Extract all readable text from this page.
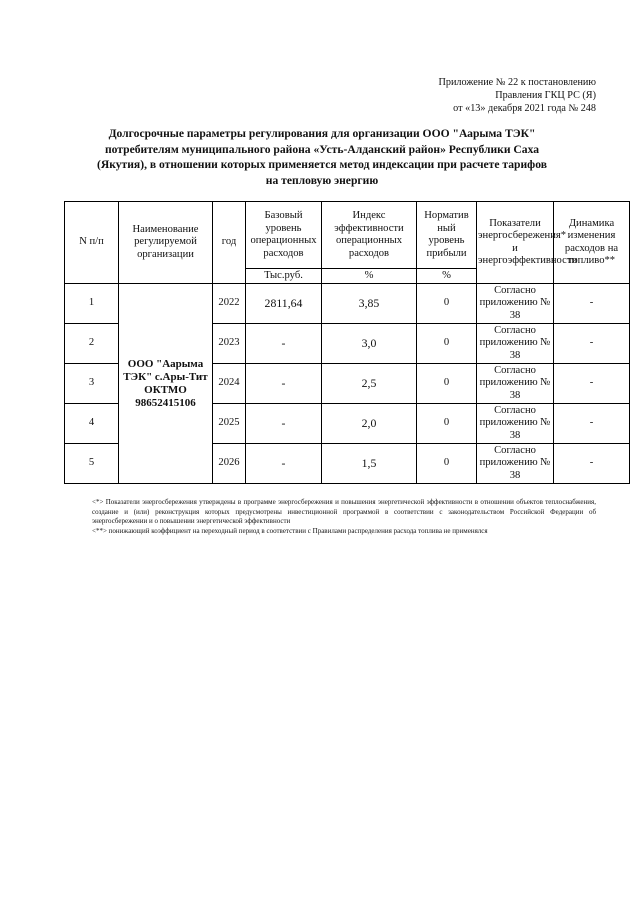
Приложение № 22 к постановлению
Правления ГКЦ РС (Я)
от «13» декабря 2021 года № 248
Долгосрочные параметры регулирования для организации ООО "Аарыма ТЭК" потребителям муниципального района «Усть-Алданский район» Республики Саха (Якутия), в отношении которых применяется метод индексации при расчете тарифов на тепловую энергию
N п/п	Наименование регулируемой организации	год	Базовый уровень операционных расходов	Индекс эффективности операционных расходов	Норматив ный уровень прибыли	Показатели энергосбережения* и энергоэффективности	Динамика изменения расходов на топливо**
			Тыс.руб.	%	%		
1	ООО "Аарыма ТЭК" с.Ары-Тит ОКТМО 98652415106	2022	2811,64	3,85	0	Согласно приложению № 38	-
2		2023	-	3,0	0	Согласно приложению № 38	-
3		2024	-	2,5	0	Согласно приложению № 38	-
4		2025	-	2,0	0	Согласно приложению № 38	-
5		2026	-	1,5	0	Согласно приложению № 38	-

<*> Показатели энергосбережения утверждены в программе энергосбережения и повышения энергетической эффективности в отношении объектов теплоснабжения, создание и (или) реконструкция которых предусмотрены инвестиционной программой в соответствии с законодательством Российской Федерации об энергосбережении и о повышении энергетической эффективности

<**> понижающий коэффициент на переходный период в соответствии с Правилами распределения расхода топлива не применялся
